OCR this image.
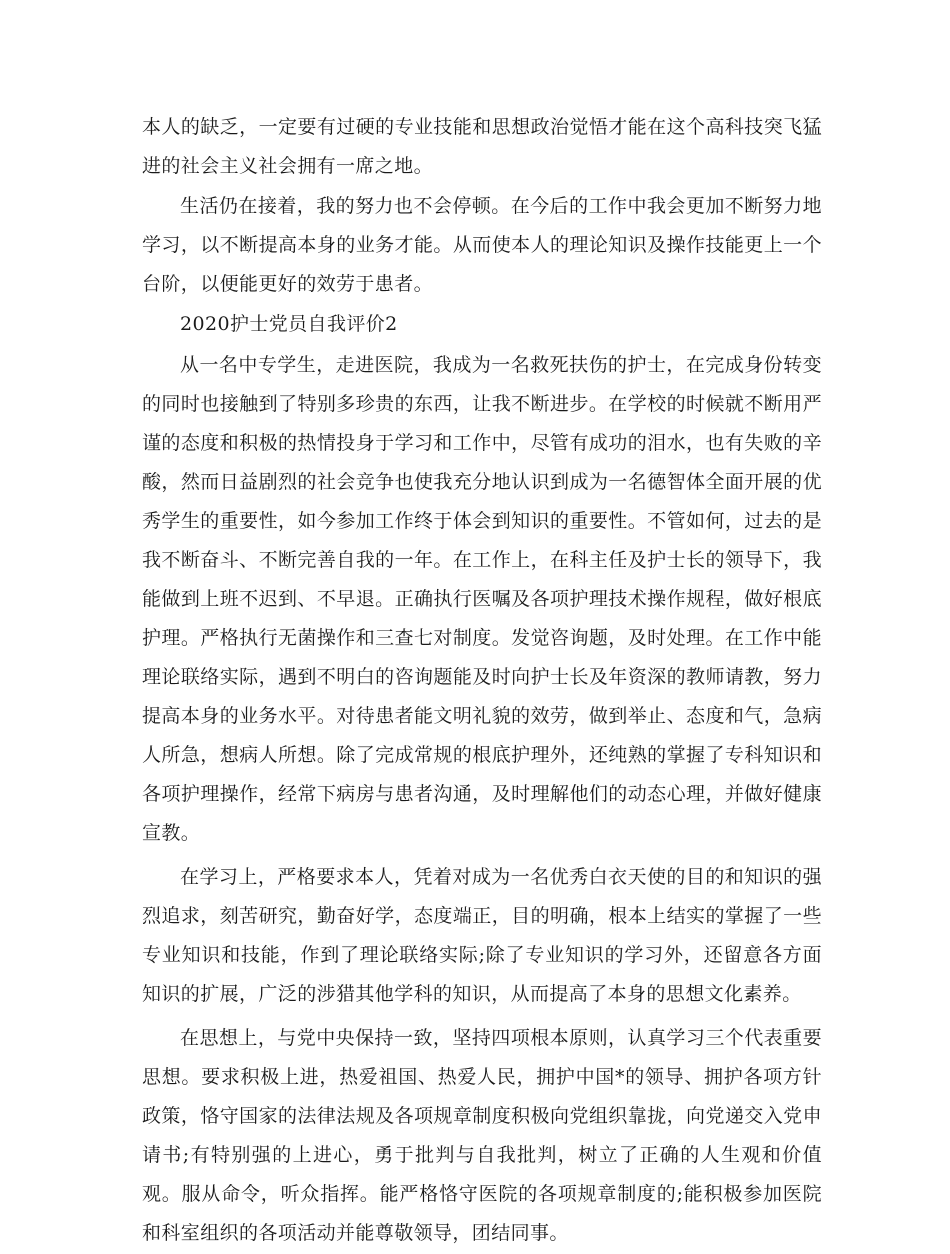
本人的缺乏，一定要有过硬的专业技能和思想政治觉悟才能在这个高科技突飞猛进的社会主义社会拥有一席之地。

生活仍在接着，我的努力也不会停顿。在今后的工作中我会更加不断努力地学习，以不断提高本身的业务才能。从而使本人的理论知识及操作技能更上一个台阶，以便能更好的效劳于患者。

2020护士党员自我评价2

从一名中专学生，走进医院，我成为一名救死扶伤的护士，在完成身份转变的同时也接触到了特别多珍贵的东西，让我不断进步。在学校的时候就不断用严谨的态度和积极的热情投身于学习和工作中，尽管有成功的泪水，也有失败的辛酸，然而日益剧烈的社会竞争也使我充分地认识到成为一名德智体全面开展的优秀学生的重要性，如今参加工作终于体会到知识的重要性。不管如何，过去的是我不断奋斗、不断完善自我的一年。在工作上，在科主任及护士长的领导下，我能做到上班不迟到、不早退。正确执行医嘱及各项护理技术操作规程，做好根底护理。严格执行无菌操作和三查七对制度。发觉咨询题，及时处理。在工作中能理论联络实际，遇到不明白的咨询题能及时向护士长及年资深的教师请教，努力提高本身的业务水平。对待患者能文明礼貌的效劳，做到举止、态度和气，急病人所急，想病人所想。除了完成常规的根底护理外，还纯熟的掌握了专科知识和各项护理操作，经常下病房与患者沟通，及时理解他们的动态心理，并做好健康宣教。

在学习上，严格要求本人，凭着对成为一名优秀白衣天使的目的和知识的强烈追求，刻苦研究，勤奋好学，态度端正，目的明确，根本上结实的掌握了一些专业知识和技能，作到了理论联络实际;除了专业知识的学习外，还留意各方面知识的扩展，广泛的涉猎其他学科的知识，从而提高了本身的思想文化素养。

在思想上，与党中央保持一致，坚持四项根本原则，认真学习三个代表重要思想。要求积极上进，热爱祖国、热爱人民，拥护中国*的领导、拥护各项方针政策，恪守国家的法律法规及各项规章制度积极向党组织靠拢，向党递交入党申请书;有特别强的上进心，勇于批判与自我批判，树立了正确的人生观和价值观。服从命令，听众指挥。能严格恪守医院的各项规章制度的;能积极参加医院和科室组织的各项活动并能尊敬领导，团结同事。
